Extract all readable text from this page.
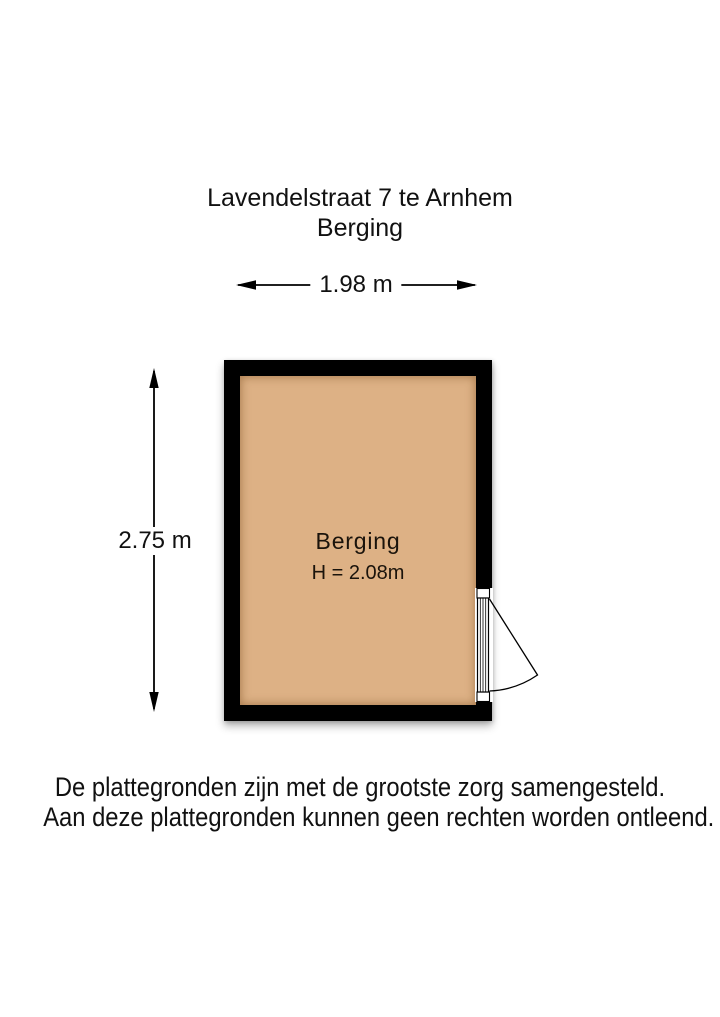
Lavendelstraat 7 te Arnhem
Berging
1.98 m
2.75 m	Berging
H = 2.08m
De plattegronden zijn met de grootste zorg samengesteld.
Aan deze plattegronden kunnen geen rechten worden ontleend.
